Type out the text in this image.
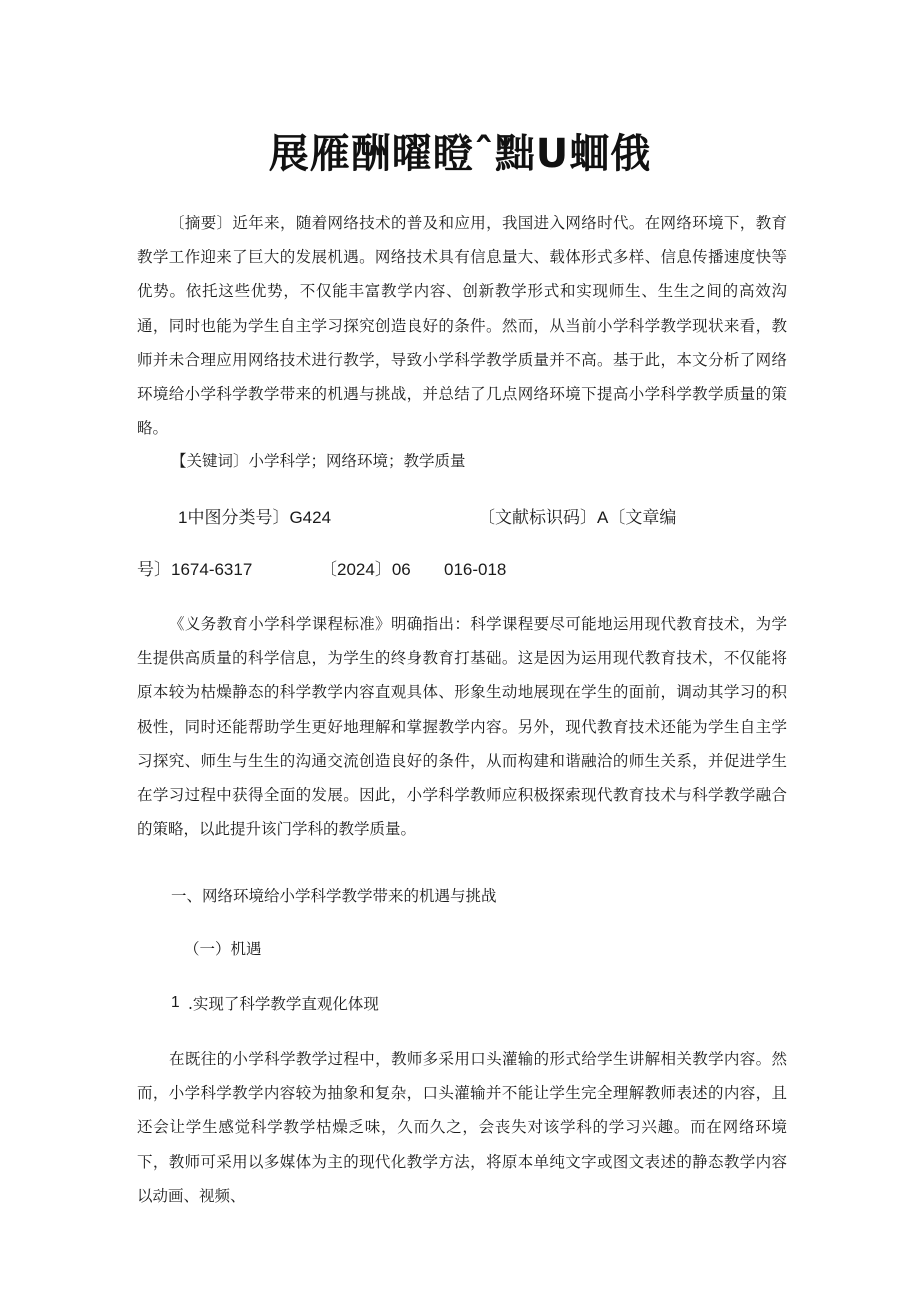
展雁酬曜瞪ˆ黜U蜖俄

〔摘要〕近年来，随着网络技术的普及和应用，我国进入网络时代。在网络环境下，教育教学工作迎来了巨大的发展机遇。网络技术具有信息量大、载体形式多样、信息传播速度快等优势。依托这些优势，不仅能丰富教学内容、创新教学形式和实现师生、生生之间的高效沟通，同时也能为学生自主学习探究创造良好的条件。然而，从当前小学科学教学现状来看，教师并未合理应用网络技术进行教学，导致小学科学教学质量并不高。基于此，本文分析了网络环境给小学科学教学带来的机遇与挑战，并总结了几点网络环境下提高小学科学教学质量的策略。

【关键词〕小学科学；网络环境；教学质量

1中图分类号〕G424	〔文献标识码〕A〔文章编
号〕1674-6317	〔2024〕06 016-018

《义务教育小学科学课程标准》明确指出：科学课程要尽可能地运用现代教育技术，为学生提供高质量的科学信息，为学生的终身教育打基础。这是因为运用现代教育技术，不仅能将原本较为枯燥静态的科学教学内容直观具体、形象生动地展现在学生的面前，调动其学习的积极性，同时还能帮助学生更好地理解和掌握教学内容。另外，现代教育技术还能为学生自主学习探究、师生与生生的沟通交流创造良好的条件，从而构建和谐融洽的师生关系，并促进学生在学习过程中获得全面的发展。因此，小学科学教师应积极探索现代教育技术与科学教学融合的策略，以此提升该门学科的教学质量。

一、网络环境给小学科学教学带来的机遇与挑战

（一）机遇

1 .实现了科学教学直观化体现

在既往的小学科学教学过程中，教师多采用口头灌输的形式给学生讲解相关教学内容。然而，小学科学教学内容较为抽象和复杂，口头灌输并不能让学生完全理解教师表述的内容，且还会让学生感觉科学教学枯燥乏味，久而久之，会丧失对该学科的学习兴趣。而在网络环境下，教师可采用以多媒体为主的现代化教学方法，将原本单纯文字或图文表述的静态教学内容以动画、视频、
